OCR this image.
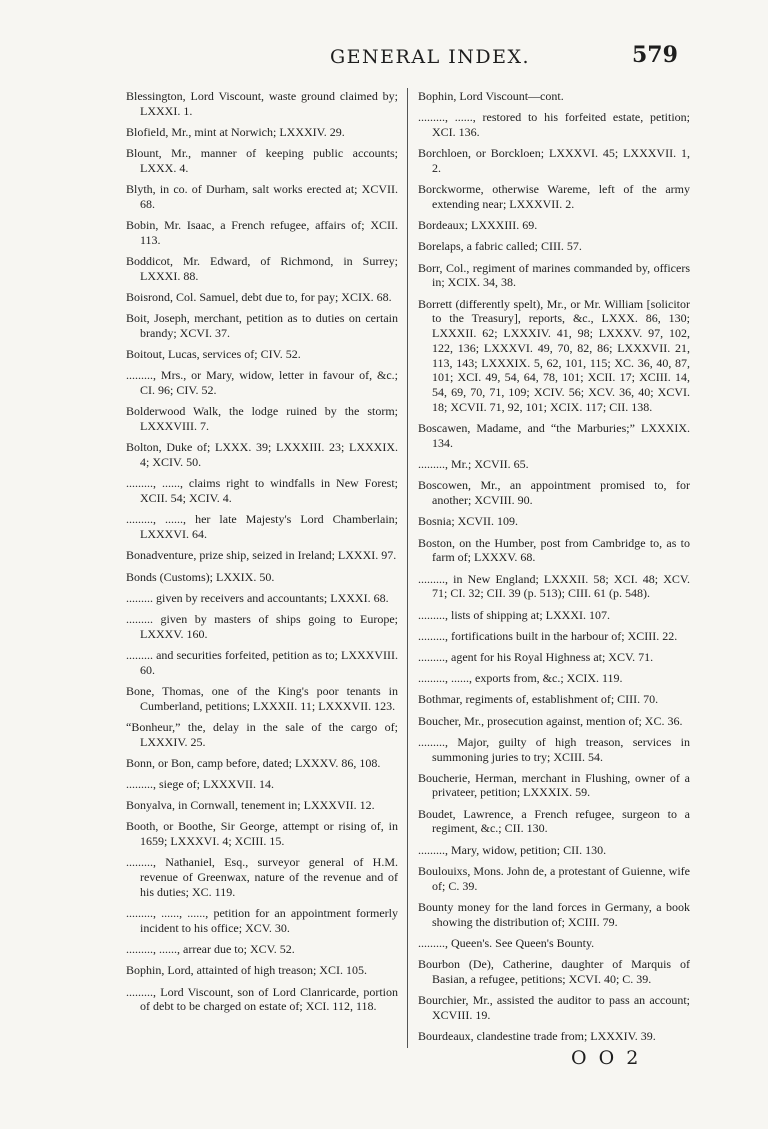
GENERAL INDEX.	579
Blessington, Lord Viscount, waste ground claimed by; LXXXI. 1.
Blofield, Mr., mint at Norwich; LXXXIV. 29.
Blount, Mr., manner of keeping public accounts; LXXX. 4.
Blyth, in co. of Durham, salt works erected at; XCVII. 68.
Bobin, Mr. Isaac, a French refugee, affairs of; XCII. 113.
Boddicot, Mr. Edward, of Richmond, in Surrey; LXXXI. 88.
Boisrond, Col. Samuel, debt due to, for pay; XCIX. 68.
Boit, Joseph, merchant, petition as to duties on certain brandy; XCVI. 37.
Boitout, Lucas, services of; CIV. 52.
........., Mrs., or Mary, widow, letter in favour of, &c.; CI. 96; CIV. 52.
Bolderwood Walk, the lodge ruined by the storm; LXXXVIII. 7.
Bolton, Duke of; LXXX. 39; LXXXIII. 23; LXXXIX. 4; XCIV. 50.
........., ......, claims right to windfalls in New Forest; XCII. 54; XCIV. 4.
........., ......, her late Majesty's Lord Chamberlain; LXXXVI. 64.
Bonadventure, prize ship, seized in Ireland; LXXXI. 97.
Bonds (Customs); LXXIX. 50.
......... given by receivers and accountants; LXXXI. 68.
......... given by masters of ships going to Europe; LXXXV. 160.
......... and securities forfeited, petition as to; LXXXVIII. 60.
Bone, Thomas, one of the King's poor tenants in Cumberland, petitions; LXXXII. 11; LXXXVII. 123.
“Bonheur,” the, delay in the sale of the cargo of; LXXXIV. 25.
Bonn, or Bon, camp before, dated; LXXXV. 86, 108.
........., siege of; LXXXVII. 14.
Bonyalva, in Cornwall, tenement in; LXXXVII. 12.
Booth, or Boothe, Sir George, attempt or rising of, in 1659; LXXXVI. 4; XCIII. 15.
........., Nathaniel, Esq., surveyor general of H.M. revenue of Greenwax, nature of the revenue and of his duties; XC. 119.
........., ......, ......, petition for an appointment formerly incident to his office; XCV. 30.
........., ......, arrear due to; XCV. 52.
Bophin, Lord, attainted of high treason; XCI. 105.
........., Lord Viscount, son of Lord Clanricarde, portion of debt to be charged on estate of; XCI. 112, 118.
Bophin, Lord Viscount—cont.
........., ......, restored to his forfeited estate, petition; XCI. 136.
Borchloen, or Borckloen; LXXXVI. 45; LXXXVII. 1, 2.
Borckworme, otherwise Wareme, left of the army extending near; LXXXVII. 2.
Bordeaux; LXXXIII. 69.
Borelaps, a fabric called; CIII. 57.
Borr, Col., regiment of marines commanded by, officers in; XCIX. 34, 38.
Borrett (differently spelt), Mr., or Mr. William [solicitor to the Treasury], reports, &c., LXXX. 86, 130; LXXXII. 62; LXXXIV. 41, 98; LXXXV. 97, 102, 122, 136; LXXXVI. 49, 70, 82, 86; LXXXVII. 21, 113, 143; LXXXIX. 5, 62, 101, 115; XC. 36, 40, 87, 101; XCI. 49, 54, 64, 78, 101; XCII. 17; XCIII. 14, 54, 69, 70, 71, 109; XCIV. 56; XCV. 36, 40; XCVI. 18; XCVII. 71, 92, 101; XCIX. 117; CII. 138.
Boscawen, Madame, and “the Marburies;” LXXXIX. 134.
........., Mr.; XCVII. 65.
Boscowen, Mr., an appointment promised to, for another; XCVIII. 90.
Bosnia; XCVII. 109.
Boston, on the Humber, post from Cambridge to, as to farm of; LXXXV. 68.
........., in New England; LXXXII. 58; XCI. 48; XCV. 71; CI. 32; CII. 39 (p. 513); CIII. 61 (p. 548).
........., lists of shipping at; LXXXI. 107.
........., fortifications built in the harbour of; XCIII. 22.
........., agent for his Royal Highness at; XCV. 71.
........., ......, exports from, &c.; XCIX. 119.
Bothmar, regiments of, establishment of; CIII. 70.
Boucher, Mr., prosecution against, mention of; XC. 36.
........., Major, guilty of high treason, services in summoning juries to try; XCIII. 54.
Boucherie, Herman, merchant in Flushing, owner of a privateer, petition; LXXXIX. 59.
Boudet, Lawrence, a French refugee, surgeon to a regiment, &c.; CII. 130.
........., Mary, widow, petition; CII. 130.
Boulouixs, Mons. John de, a protestant of Guienne, wife of; C. 39.
Bounty money for the land forces in Germany, a book showing the distribution of; XCIII. 79.
........., Queen's. See Queen's Bounty.
Bourbon (De), Catherine, daughter of Marquis of Basian, a refugee, petitions; XCVI. 40; C. 39.
Bourchier, Mr., assisted the auditor to pass an account; XCVIII. 19.
Bourdeaux, clandestine trade from; LXXXIV. 39.
O O 2
